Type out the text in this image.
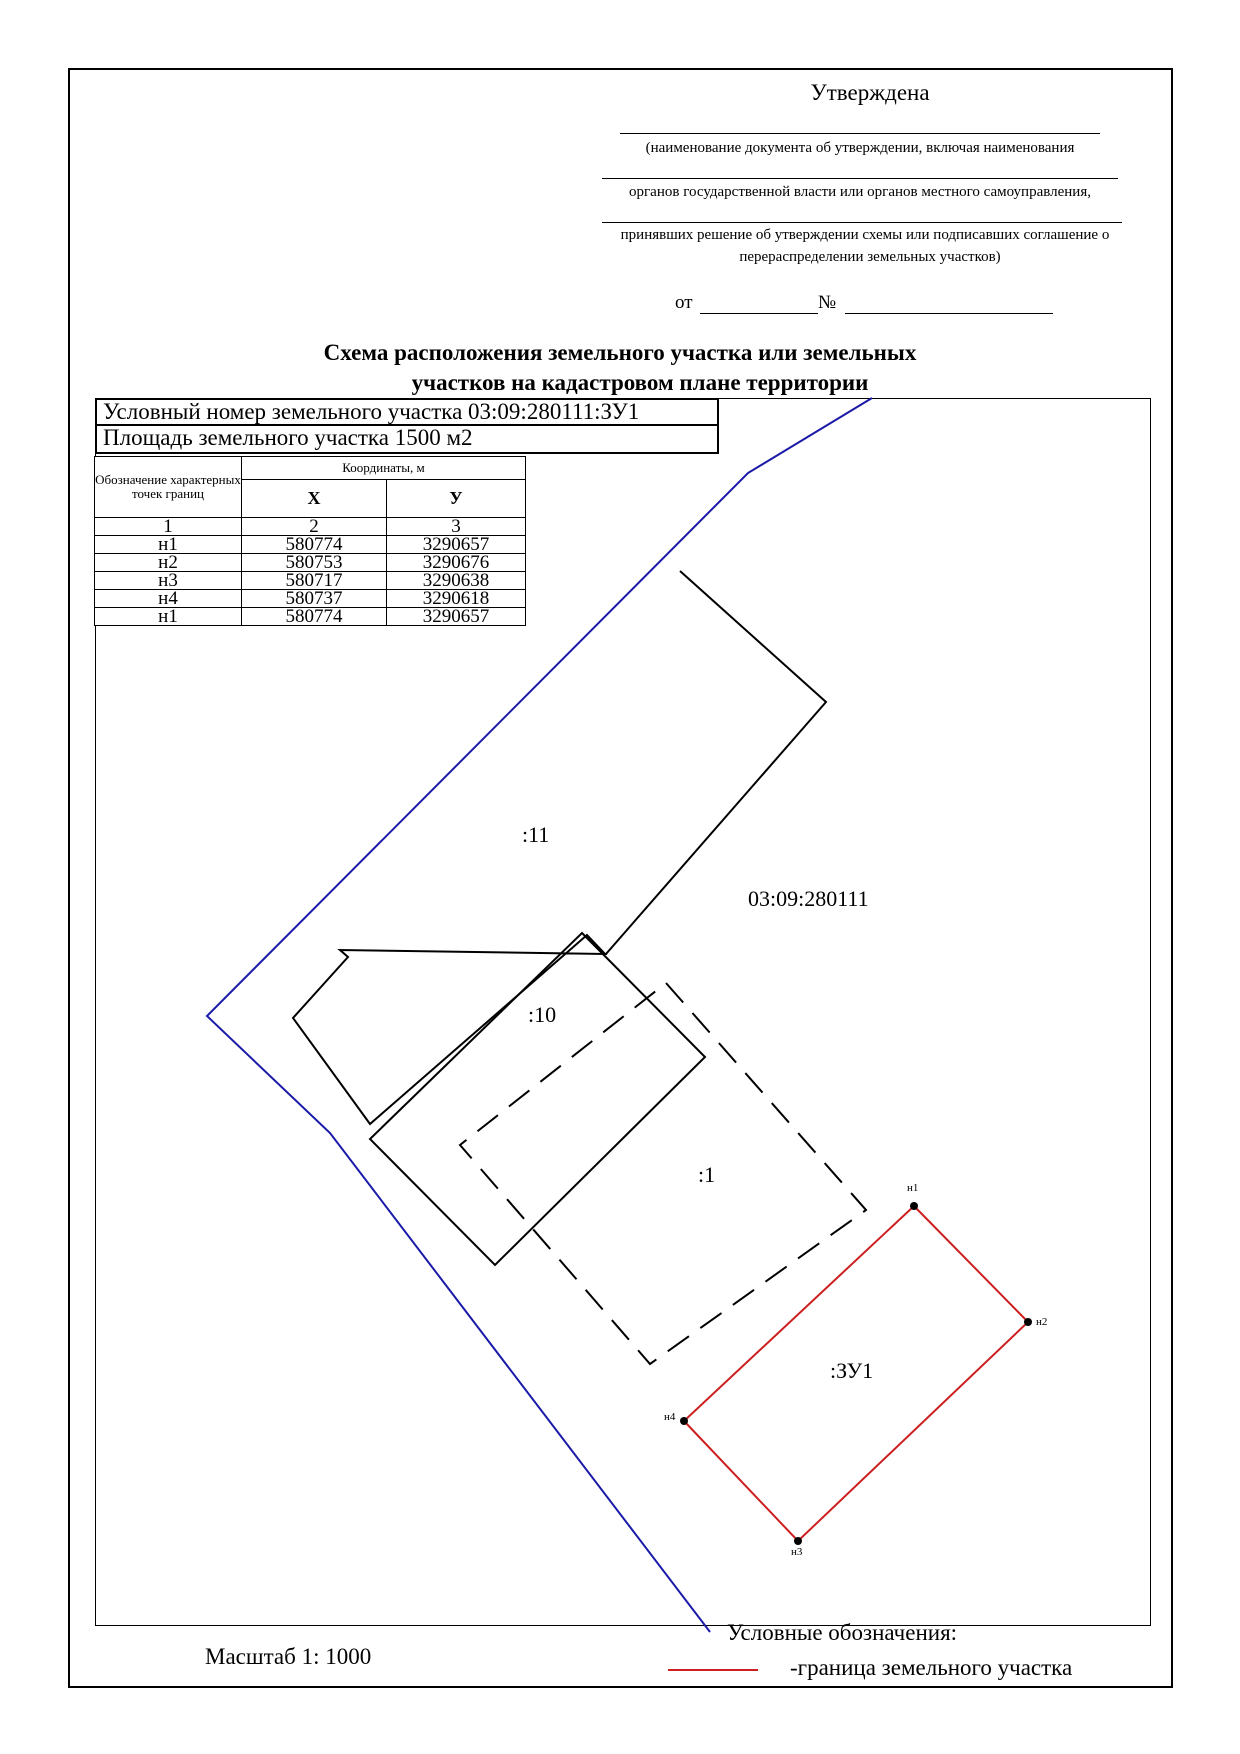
Утверждена
(наименование документа об утверждении, включая наименования
органов государственной власти или органов местного самоуправления,
принявших решение об утверждении схемы или подписавших соглашение о
перераспределении земельных участков)
от	№
Схема расположения земельного участка или земельных
участков на кадастровом плане территории
:11
03:09:280111
:10
:1
:ЗУ1
н1
н2
н3
н4
Условный номер земельного участка 03:09:280111:ЗУ1
Площадь земельного участка 1500 м2
Обозначение характерных точек границ	Координаты, м	
	X	У
1	2	3
н1	580774	3290657
н2	580753	3290676
н3	580717	3290638
н4	580737	3290618
н1	580774	3290657
Масштаб 1: 1000
Условные обозначения:
-граница земельного участка
